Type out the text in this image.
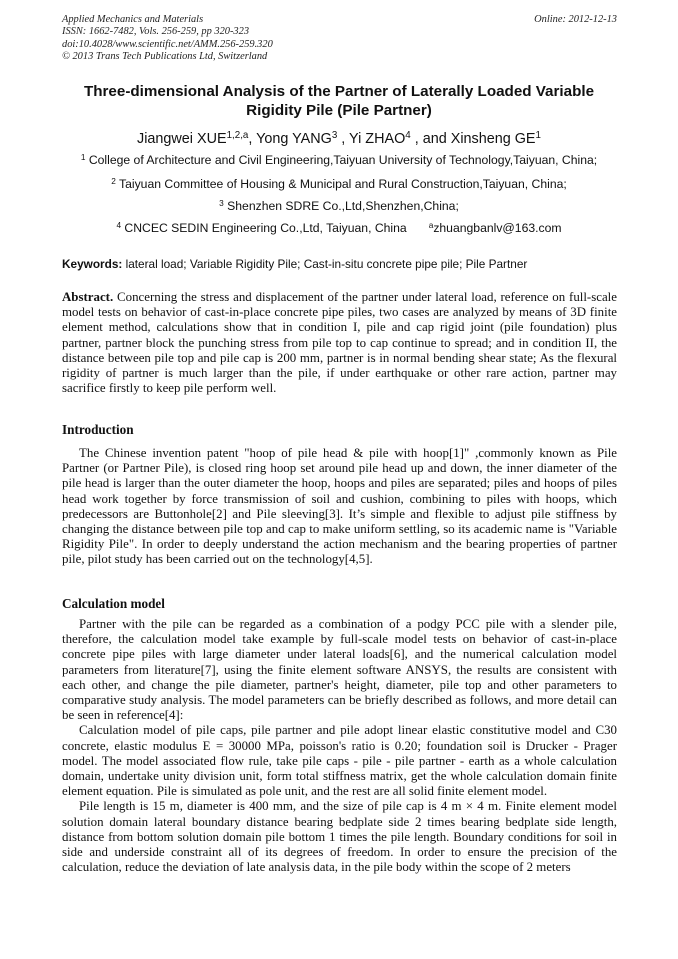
Applied Mechanics and Materials
ISSN: 1662-7482, Vols. 256-259, pp 320-323
doi:10.4028/www.scientific.net/AMM.256-259.320
© 2013 Trans Tech Publications Ltd, Switzerland
Online: 2012-12-13
Three-dimensional Analysis of the Partner of Laterally Loaded Variable
Rigidity Pile (Pile Partner)
Jiangwei XUE$^{1,2,a}$, Yong YANG$^3$ , Yi ZHAO$^4$ , and Xinsheng $GE^1$
$^1$ College of Architecture and Civil Engineering,Taiyuan University of Technology,Taiyuan, China;
$^2$ Taiyuan Committee of Housing & Municipal and Rural Construction,Taiyuan, China;
$^3$ Shenzhen SDRE Co.,Ltd,Shenzhen,China;
$^4$ CNCEC SEDIN Engineering Co.,Ltd, Taiyuan, China	$^a$zhuangbanlv@163.com
Keywords: lateral load; Variable Rigidity Pile; Cast-in-situ concrete pipe pile; Pile Partner

Abstract. Concerning the stress and displacement of the partner under lateral load, reference on full-scale model tests on behavior of cast-in-place concrete pipe piles, two cases are analyzed by means of 3D finite element method, calculations show that in condition I, pile and cap rigid joint (pile foundation) plus partner, partner block the punching stress from pile top to cap continue to spread; and in condition II, the distance between pile top and pile cap is 200 mm, partner is in normal bending shear state; As the flexural rigidity of partner is much larger than the pile, if under earthquake or other rare action, partner may sacrifice firstly to keep pile perform well.

Introduction

The Chinese invention patent "hoop of pile head & pile with hoop[1]" ,commonly known as Pile Partner (or Partner Pile), is closed ring hoop set around pile head up and down, the inner diameter of the pile head is larger than the outer diameter the hoop, hoops and piles are separated; piles and hoops of piles head work together by force transmission of soil and cushion, combining to piles with hoops, which predecessors are Buttonhole[2] and Pile sleeving[3]. It’s simple and flexible to adjust pile stiffness by changing the distance between pile top and cap to make uniform settling, so its academic name is "Variable Rigidity Pile". In order to deeply understand the action mechanism and the bearing properties of partner pile, pilot study has been carried out on the technology[4,5].

Calculation model

Partner with the pile can be regarded as a combination of a podgy PCC pile with a slender pile, therefore, the calculation model take example by full-scale model tests on behavior of cast-in-place concrete pipe piles with large diameter under lateral loads[6], and the numerical calculation model parameters from literature[7], using the finite element software ANSYS, the results are consistent with each other, and change the pile diameter, partner's height, diameter, pile top and other parameters to comparative study analysis. The model parameters can be briefly described as follows, and more detail can be seen in reference[4]:

Calculation model of pile caps, pile partner and pile adopt linear elastic constitutive model and C30 concrete, elastic modulus E = 30000 MPa, poisson's ratio is 0.20; foundation soil is Drucker - Prager model. The model associated flow rule, take pile caps - pile - pile partner - earth as a whole calculation domain, undertake unity division unit, form total stiffness matrix, get the whole calculation domain finite element equation. Pile is simulated as pole unit, and the rest are all solid finite element model.

Pile length is 15 m, diameter is 400 mm, and the size of pile cap is 4 m × 4 m. Finite element model solution domain lateral boundary distance bearing bedplate side 2 times bearing bedplate side length, distance from bottom solution domain pile bottom 1 times the pile length. Boundary conditions for soil in side and underside constraint all of its degrees of freedom. In order to ensure the precision of the calculation, reduce the deviation of late analysis data, in the pile body within the scope of 2 meters
